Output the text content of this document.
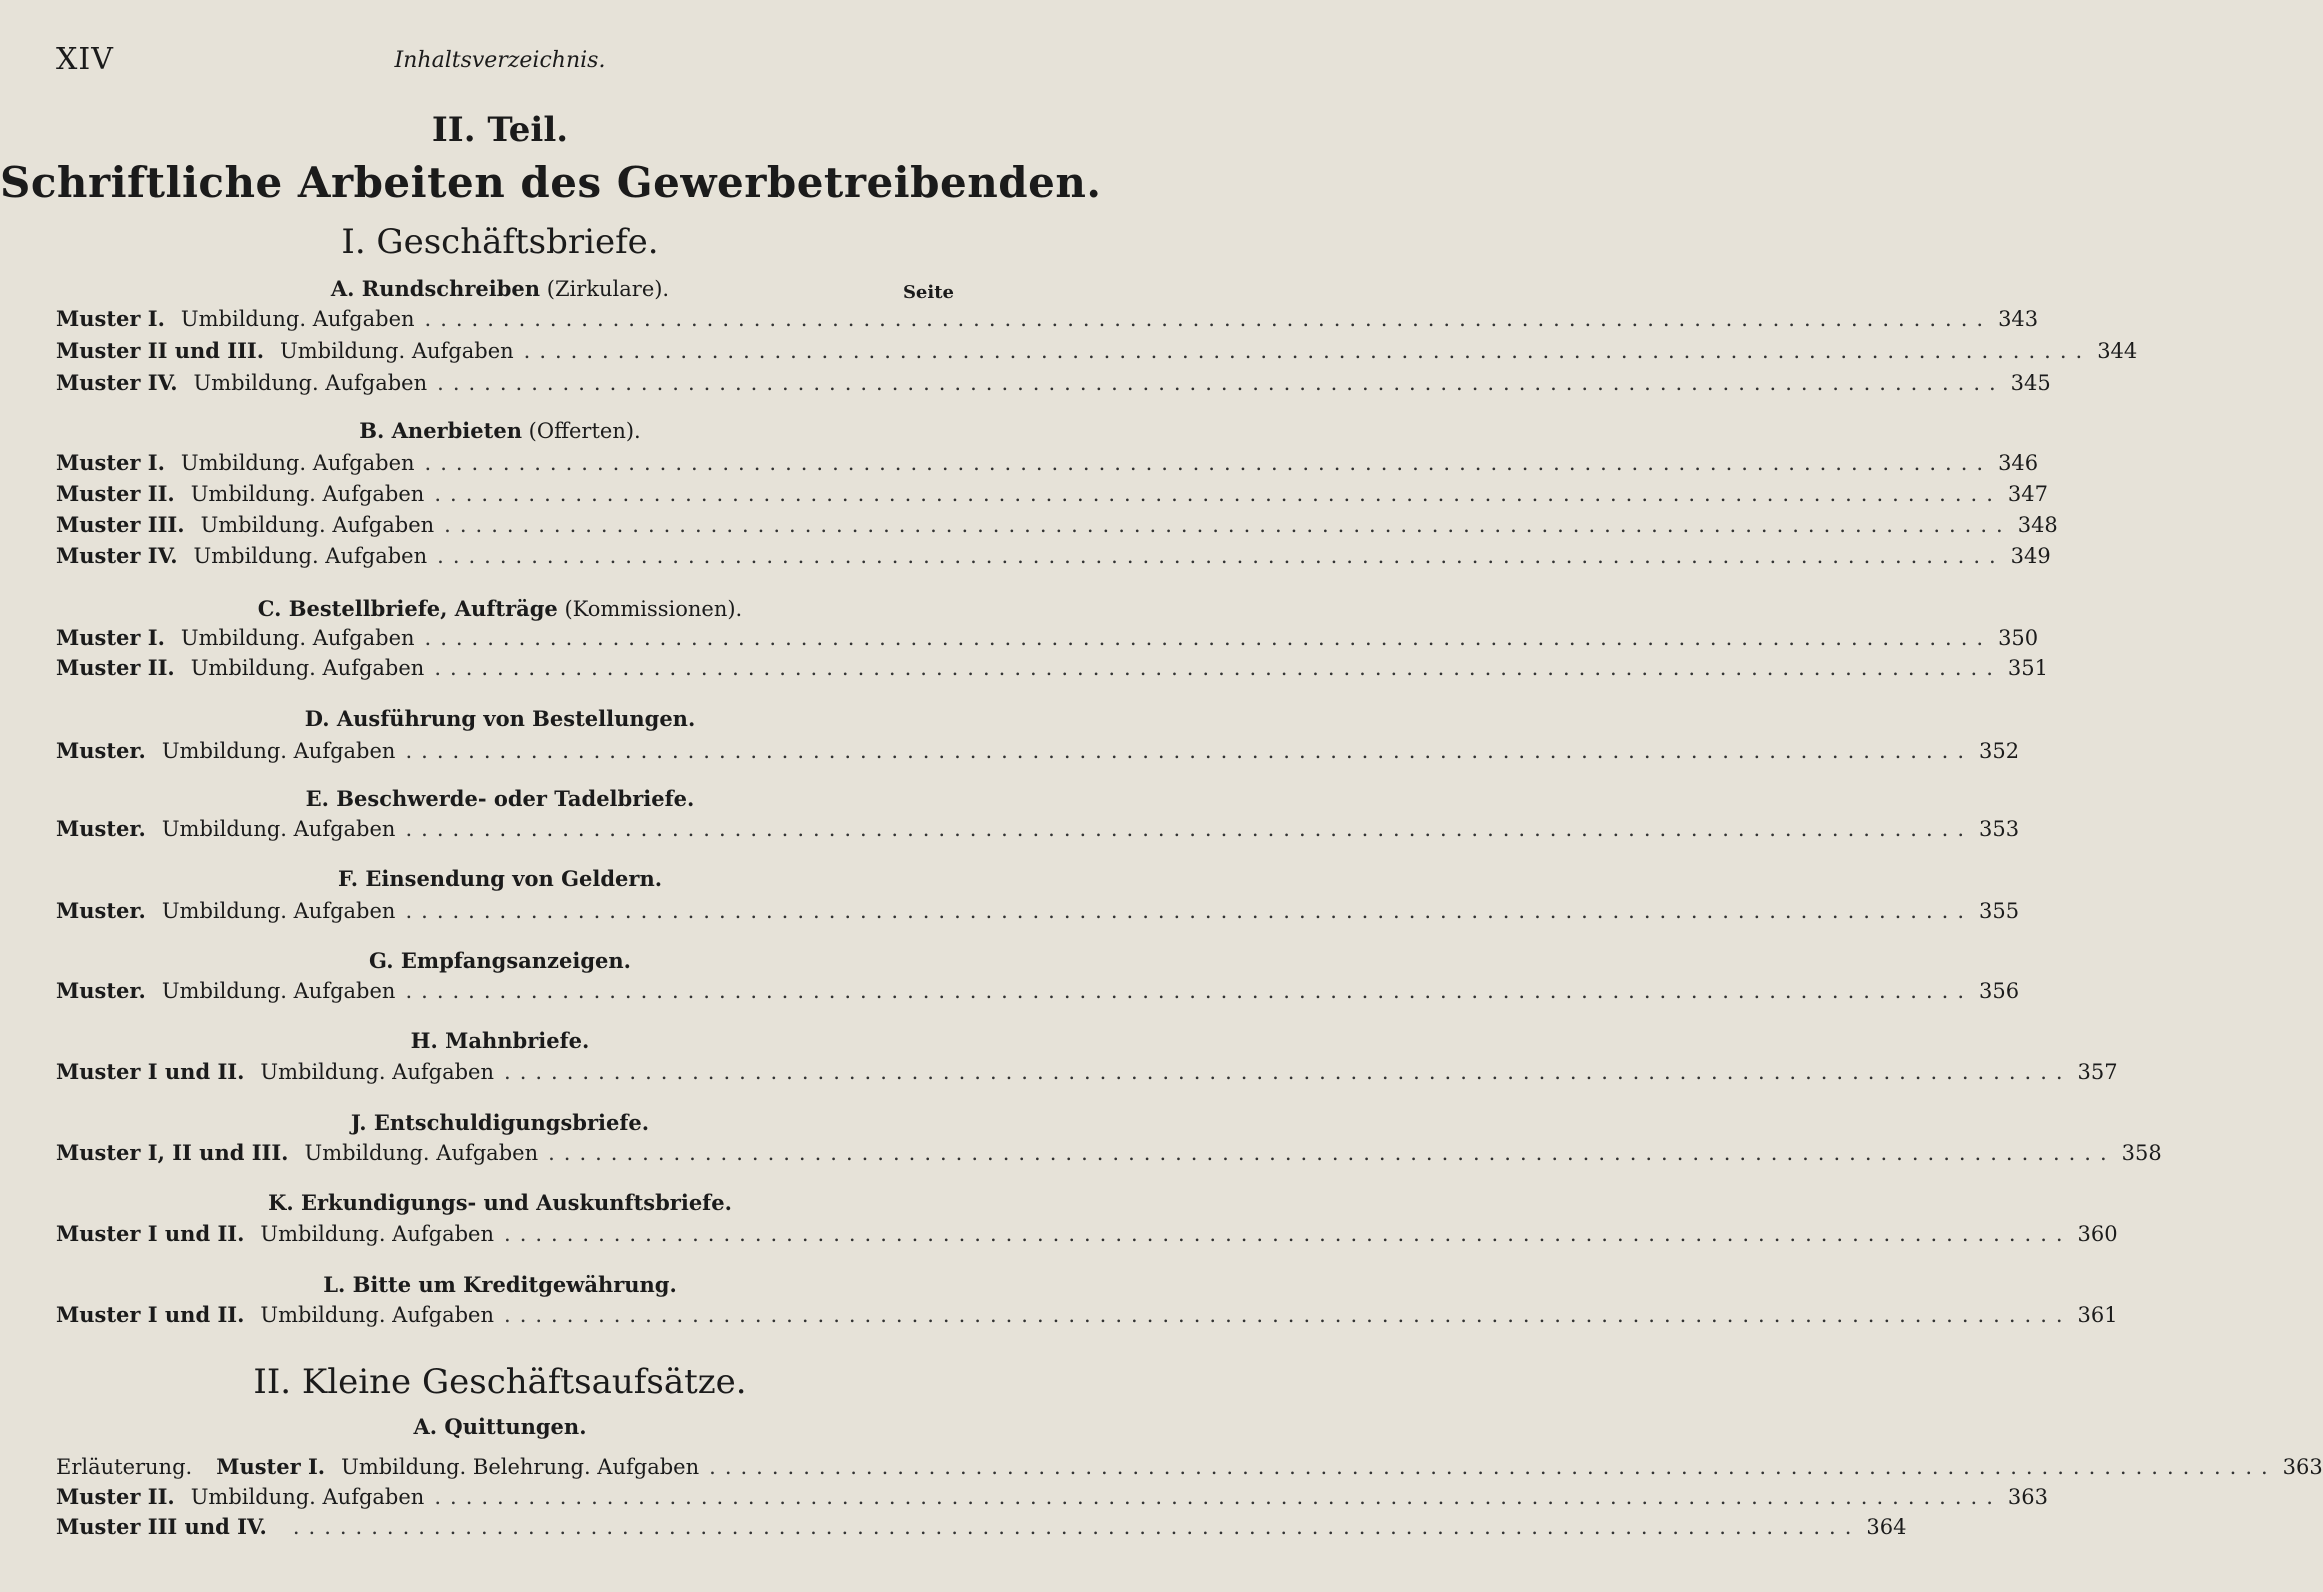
XIV	Inhaltsverzeichnis.
II. Teil.
Schriftliche Arbeiten des Gewerbetreibenden.
I. Geschäftsbriefe.
A. Rundschreiben (Zirkulare).	Seite
Muster I. Umbildung. Aufgaben .................................................................................................... 343
Muster II und III. Umbildung. Aufgaben .................................................................................................... 344
Muster IV. Umbildung. Aufgaben .................................................................................................... 345
B. Anerbieten (Offerten).
Muster I. Umbildung. Aufgaben .................................................................................................... 346
Muster II. Umbildung. Aufgaben .................................................................................................... 347
Muster III. Umbildung. Aufgaben .................................................................................................... 348
Muster IV. Umbildung. Aufgaben .................................................................................................... 349
C. Bestellbriefe, Aufträge (Kommissionen).
Muster I. Umbildung. Aufgaben .................................................................................................... 350
Muster II. Umbildung. Aufgaben .................................................................................................... 351
D. Ausführung von Bestellungen.
Muster. Umbildung. Aufgaben .................................................................................................... 352
E. Beschwerde- oder Tadelbriefe.
Muster. Umbildung. Aufgaben .................................................................................................... 353
F. Einsendung von Geldern.
Muster. Umbildung. Aufgaben .................................................................................................... 355
G. Empfangsanzeigen.
Muster. Umbildung. Aufgaben .................................................................................................... 356
H. Mahnbriefe.
Muster I und II. Umbildung. Aufgaben .................................................................................................... 357
J. Entschuldigungsbriefe.
Muster I, II und III. Umbildung. Aufgaben .................................................................................................... 358
K. Erkundigungs- und Auskunftsbriefe.
Muster I und II. Umbildung. Aufgaben .................................................................................................... 360
L. Bitte um Kreditgewährung.
Muster I und II. Umbildung. Aufgaben .................................................................................................... 361
II. Kleine Geschäftsaufsätze.
A. Quittungen.
Erläuterung. Muster I. Umbildung. Belehrung. Aufgaben .................................................................................................... 363
Muster II. Umbildung. Aufgaben .................................................................................................... 363
Muster III und IV. .................................................................................................... 364
